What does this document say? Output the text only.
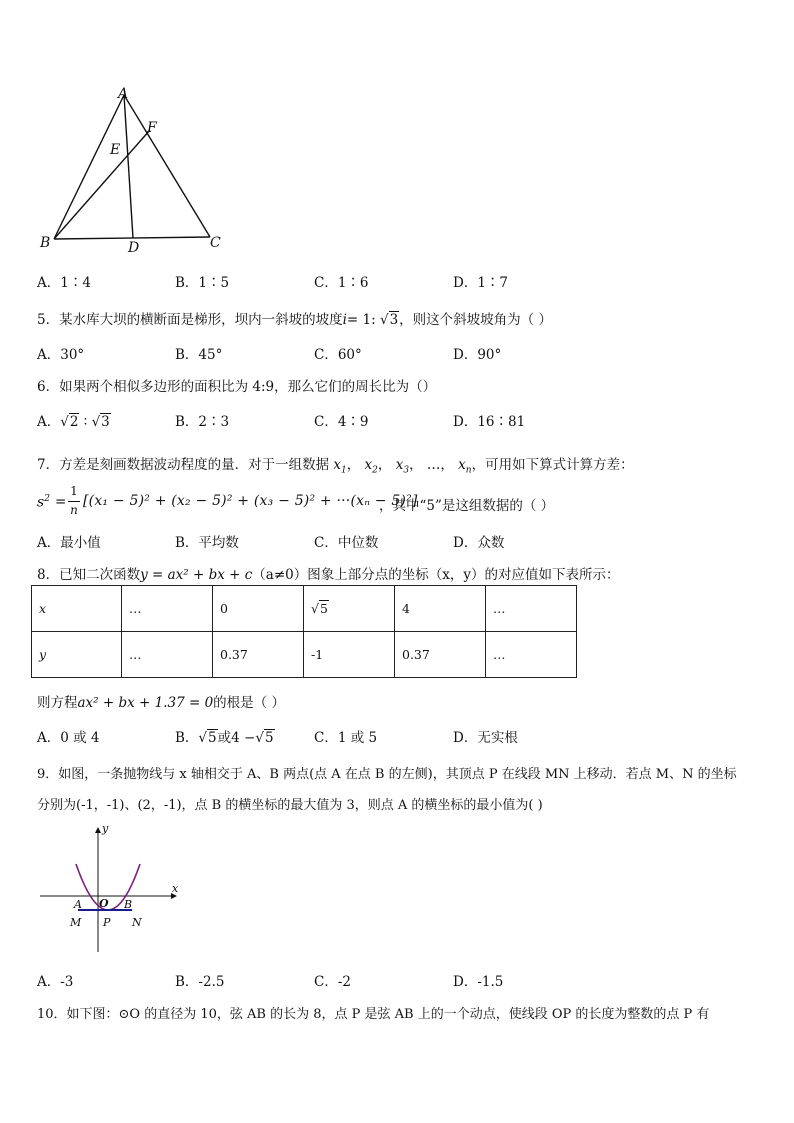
A
F
E
B	D	C
A．1∶4	B．1∶5	C．1∶6	D．1∶7
5．某水库大坝的横断面是梯形，坝内一斜坡的坡度i= 1: √3，则这个斜坡坡角为（ ）
A．30°	B．45°	C．60°	D．90°
6．如果两个相似多边形的面积比为 4:9，那么它们的周长比为（）
A．√2 ∶ √3	B．2∶3	C．4∶9	D．16∶81
7．方差是刻画数据波动程度的量．对于一组数据 $x_1$， $x_2$， $x_3$， …， $x_n$，可用如下算式计算方差：
$s^2$ =
1
n
[(x₁ − 5)² + (x₂ − 5)² + (x₃ − 5)² + ···(xₙ − 5)²]
，其中“5”是这组数据的（ ）
A．最小值	B．平均数	C．中位数	D．众数
8．已知二次函数y = ax² + bx + c（a≠0）图象上部分点的坐标（x，y）的对应值如下表所示：
x	…	0	√5	4	…
y	…	0.37	-1	0.37	…
则方程ax² + bx + 1.37 = 0的根是（ ）
A．0 或 4	B．√5或4 −√5	C．1 或 5	D．无实根
9．如图，一条抛物线与 x 轴相交于 A、B 两点(点 A 在点 B 的左侧)，其顶点 P 在线段 MN 上移动．若点 M、N 的坐标
分别为(-1，-1)、(2，-1)，点 B 的横坐标的最大值为 3，则点 A 的横坐标的最小值为( )
x
y
O
A	B
M P N
A．-3	B．-2.5	C．-2	D．-1.5
10．如下图：⊙O 的直径为 10，弦 AB 的长为 8，点 P 是弦 AB 上的一个动点，使线段 OP 的长度为整数的点 P 有
